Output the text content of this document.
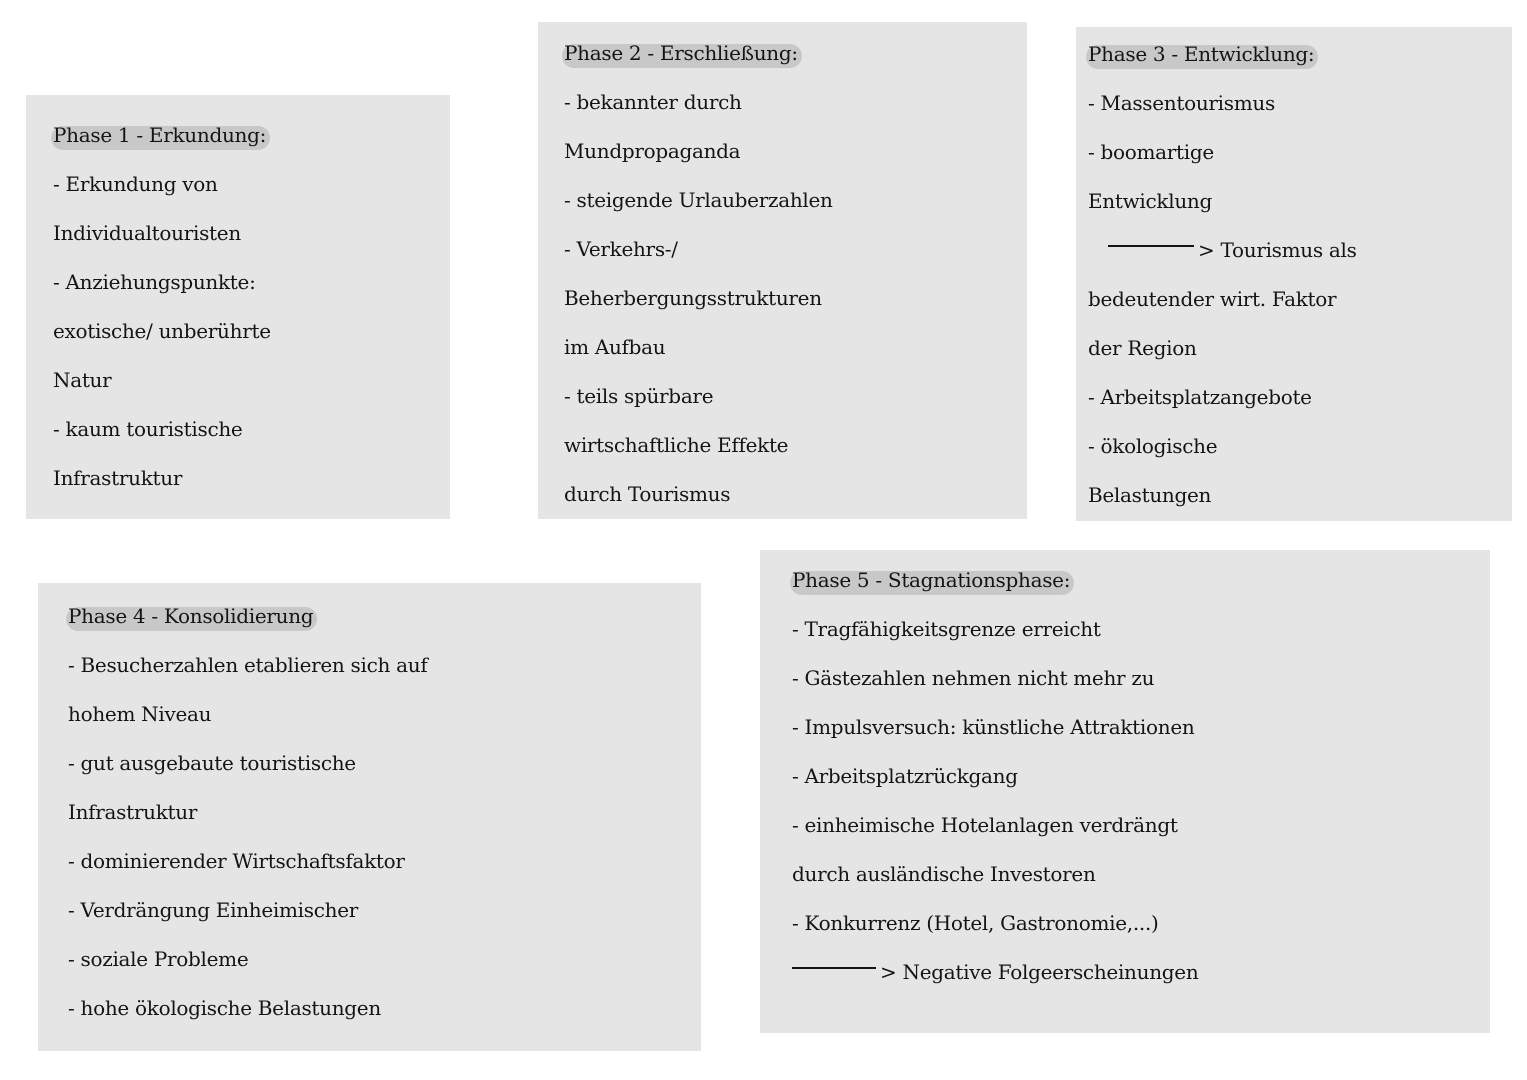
Phase 1 - Erkundung:

- Erkundung von

Individualtouristen

- Anziehungspunkte:

exotische/ unberührte

Natur

- kaum touristische

Infrastruktur

Phase 2 - Erschließung:

- bekannter durch

Mundpropaganda

- steigende Urlauberzahlen

- Verkehrs-/

Beherbergungsstrukturen

im Aufbau

- teils spürbare

wirtschaftliche Effekte

durch Tourismus

Phase 3 - Entwicklung:

- Massentourismus

- boomartige

Entwicklung

> Tourismus als

bedeutender wirt. Faktor

der Region

- Arbeitsplatzangebote

- ökologische

Belastungen

Phase 4 - Konsolidierung

- Besucherzahlen etablieren sich auf

hohem Niveau

- gut ausgebaute touristische

Infrastruktur

- dominierender Wirtschaftsfaktor

- Verdrängung Einheimischer

- soziale Probleme

- hohe ökologische Belastungen

Phase 5 - Stagnationsphase:

- Tragfähigkeitsgrenze erreicht

- Gästezahlen nehmen nicht mehr zu

- Impulsversuch: künstliche Attraktionen

- Arbeitsplatzrückgang

- einheimische Hotelanlagen verdrängt

durch ausländische Investoren

- Konkurrenz (Hotel, Gastronomie,...)

> Negative Folgeerscheinungen
